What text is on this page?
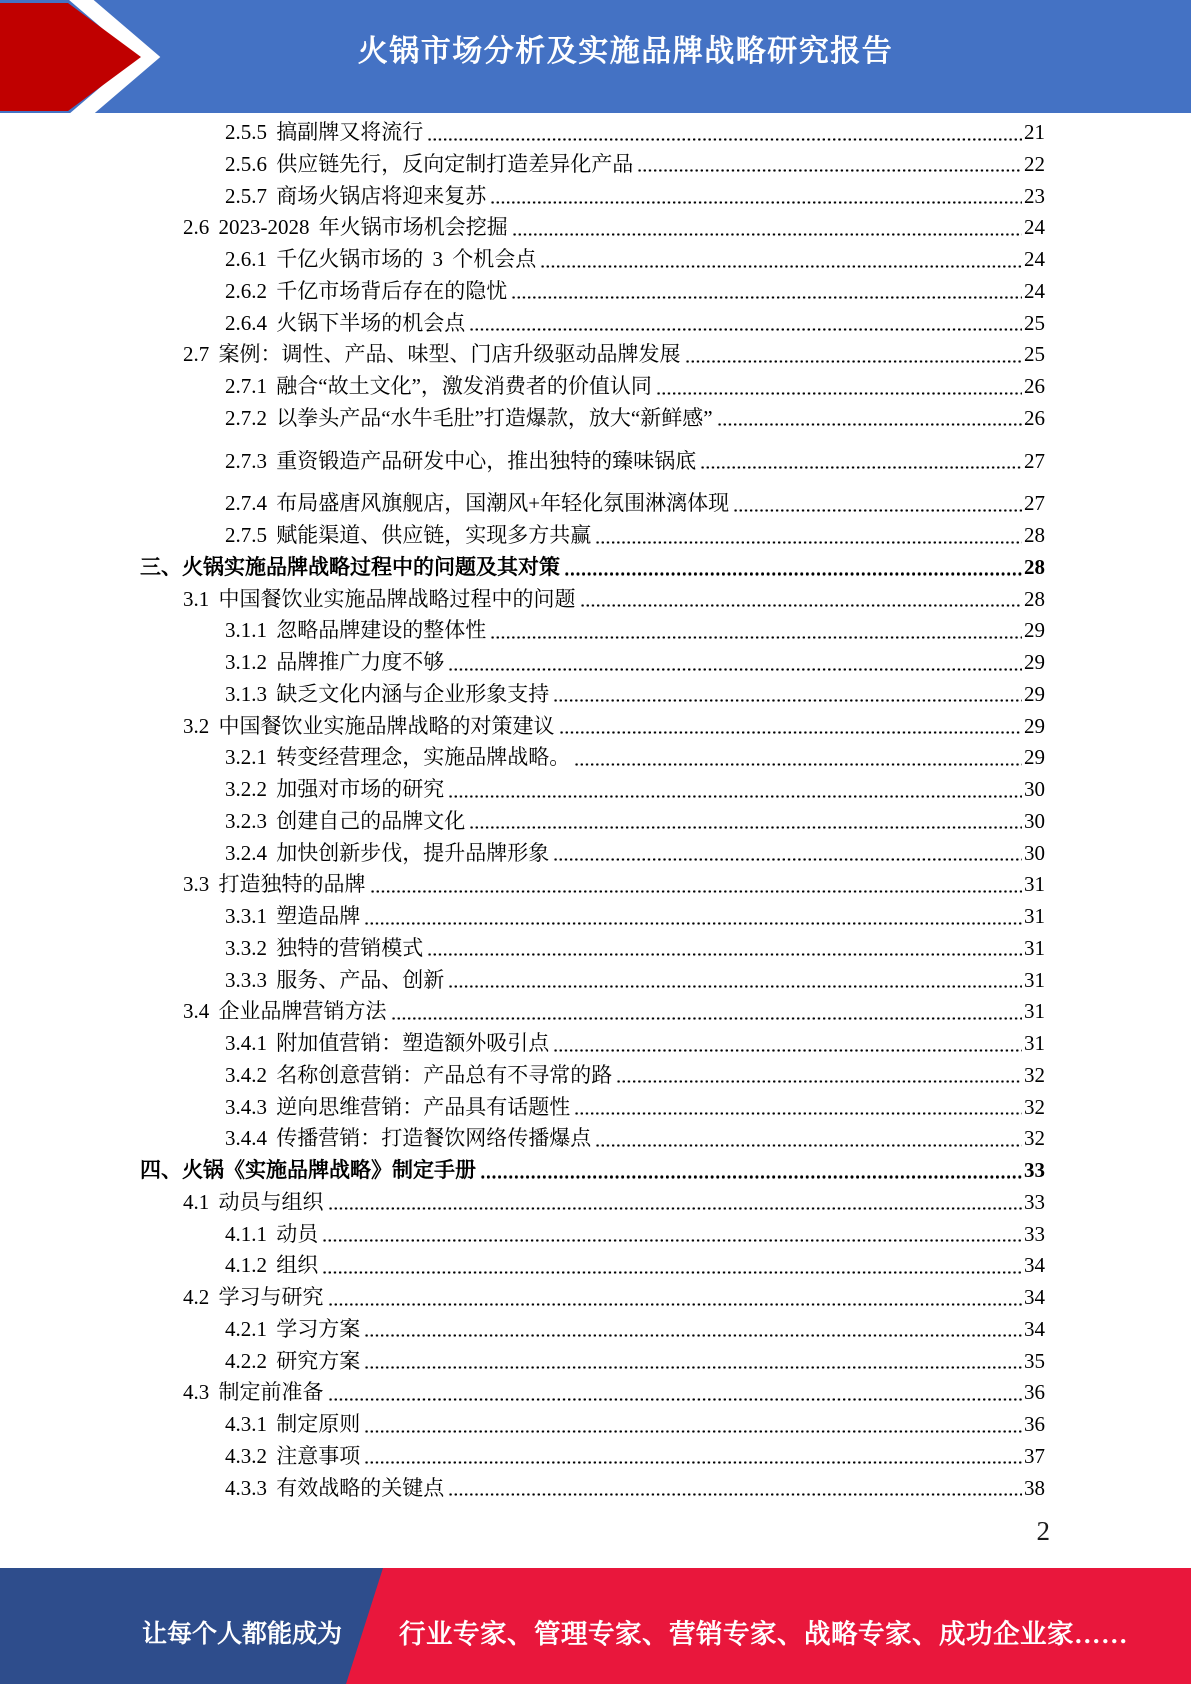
火锅市场分析及实施品牌战略研究报告
2.5.5 搞副牌又将流行	21
2.5.6 供应链先行，反向定制打造差异化产品	22
2.5.7 商场火锅店将迎来复苏	23
2.6 2023-2028 年火锅市场机会挖掘	24
2.6.1 千亿火锅市场的 3 个机会点	24
2.6.2 千亿市场背后存在的隐忧	24
2.6.4 火锅下半场的机会点	25
2.7 案例：调性、产品、味型、门店升级驱动品牌发展	25
2.7.1 融合“故土文化”，激发消费者的价值认同	26
2.7.2 以拳头产品“水牛毛肚”打造爆款，放大“新鲜感”	26
2.7.3 重资锻造产品研发中心，推出独特的臻味锅底	27
2.7.4 布局盛唐风旗舰店，国潮风+年轻化氛围淋漓体现	27
2.7.5 赋能渠道、供应链，实现多方共赢	28
三、火锅实施品牌战略过程中的问题及其对策	28
3.1 中国餐饮业实施品牌战略过程中的问题	28
3.1.1 忽略品牌建设的整体性	29
3.1.2 品牌推广力度不够	29
3.1.3 缺乏文化内涵与企业形象支持	29
3.2 中国餐饮业实施品牌战略的对策建议	29
3.2.1 转变经营理念，实施品牌战略。	29
3.2.2 加强对市场的研究	30
3.2.3 创建自己的品牌文化	30
3.2.4 加快创新步伐，提升品牌形象	30
3.3 打造独特的品牌	31
3.3.1 塑造品牌	31
3.3.2 独特的营销模式	31
3.3.3 服务、产品、创新	31
3.4 企业品牌营销方法	31
3.4.1 附加值营销：塑造额外吸引点	31
3.4.2 名称创意营销：产品总有不寻常的路	32
3.4.3 逆向思维营销：产品具有话题性	32
3.4.4 传播营销：打造餐饮网络传播爆点	32
四、火锅《实施品牌战略》制定手册	33
4.1 动员与组织	33
4.1.1 动员	33
4.1.2 组织	34
4.2 学习与研究	34
4.2.1 学习方案	34
4.2.2 研究方案	35
4.3 制定前准备	36
4.3.1 制定原则	36
4.3.2 注意事项	37
4.3.3 有效战略的关键点	38
2
让每个人都能成为 行业专家、管理专家、营销专家、战略专家、成功企业家……
